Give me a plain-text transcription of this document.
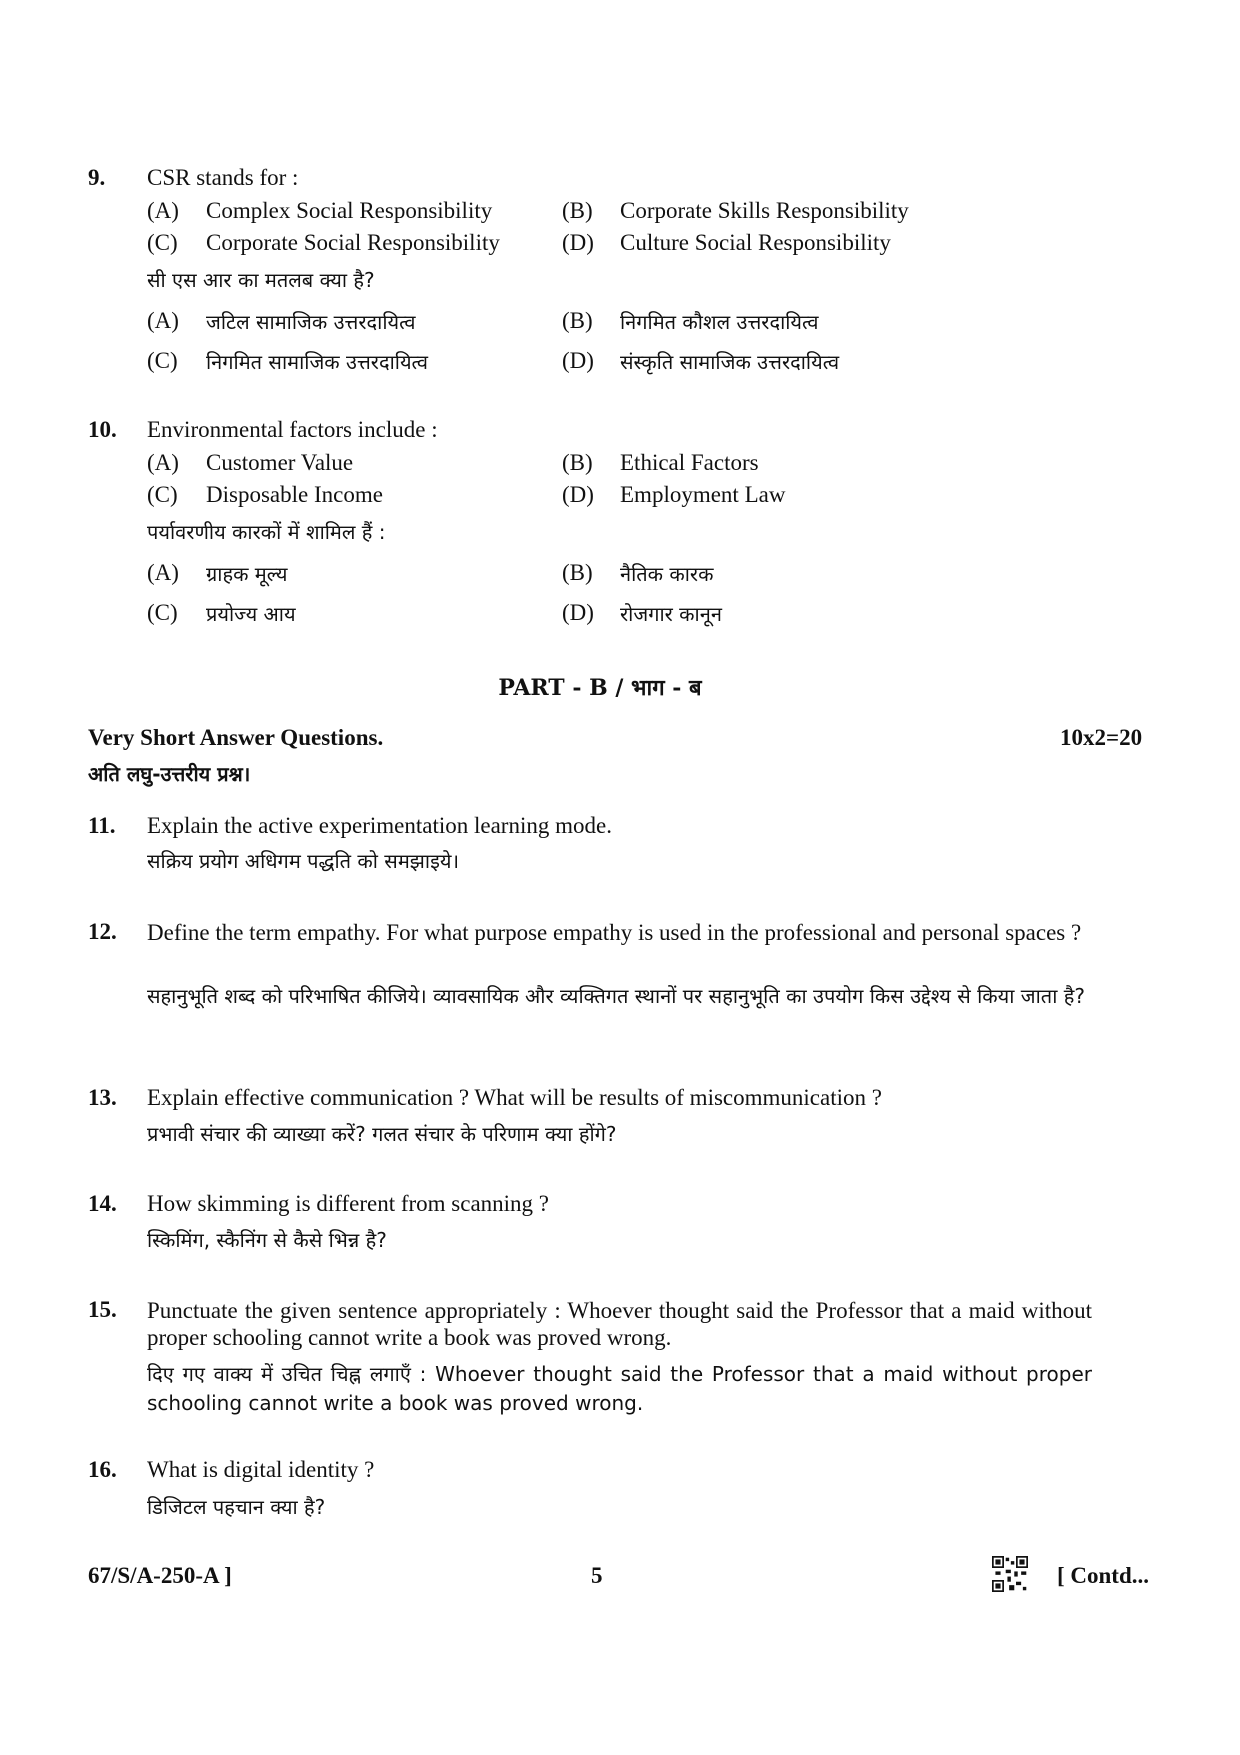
9. CSR stands for :
(A) Complex Social Responsibility	(B) Corporate Skills Responsibility
(C) Corporate Social Responsibility	(D) Culture Social Responsibility
सी एस आर का मतलब क्या है?
(A) जटिल सामाजिक उत्तरदायित्व	(B) निगमित कौशल उत्तरदायित्व
(C) निगमित सामाजिक उत्तरदायित्व	(D) संस्कृति सामाजिक उत्तरदायित्व
10. Environmental factors include :
(A) Customer Value	(B) Ethical Factors
(C) Disposable Income	(D) Employment Law
पर्यावरणीय कारकों में शामिल हैं :
(A) ग्राहक मूल्य	(B) नैतिक कारक
(C) प्रयोज्य आय	(D) रोजगार कानून
PART - B / भाग - ब
Very Short Answer Questions.	10x2=20
अति लघु-उत्तरीय प्रश्न।
11. Explain the active experimentation learning mode.
सक्रिय प्रयोग अधिगम पद्धति को समझाइये।
12. Define the term empathy. For what purpose empathy is used in the professional and personal spaces ?
सहानुभूति शब्द को परिभाषित कीजिये। व्यावसायिक और व्यक्तिगत स्थानों पर सहानुभूति का उपयोग किस उद्देश्य से किया जाता है?
13. Explain effective communication ? What will be results of miscommunication ?
प्रभावी संचार की व्याख्या करें? गलत संचार के परिणाम क्या होंगे?
14. How skimming is different from scanning ?
स्किमिंग, स्कैनिंग से कैसे भिन्न है?
15. Punctuate the given sentence appropriately : Whoever thought said the Professor that a maid without proper schooling cannot write a book was proved wrong.
दिए गए वाक्य में उचित चिह्न लगाएँ : Whoever thought said the Professor that a maid without proper schooling cannot write a book was proved wrong.
16. What is digital identity ?
डिजिटल पहचान क्या है?
67/S/A-250-A ]	5	[ Contd...
